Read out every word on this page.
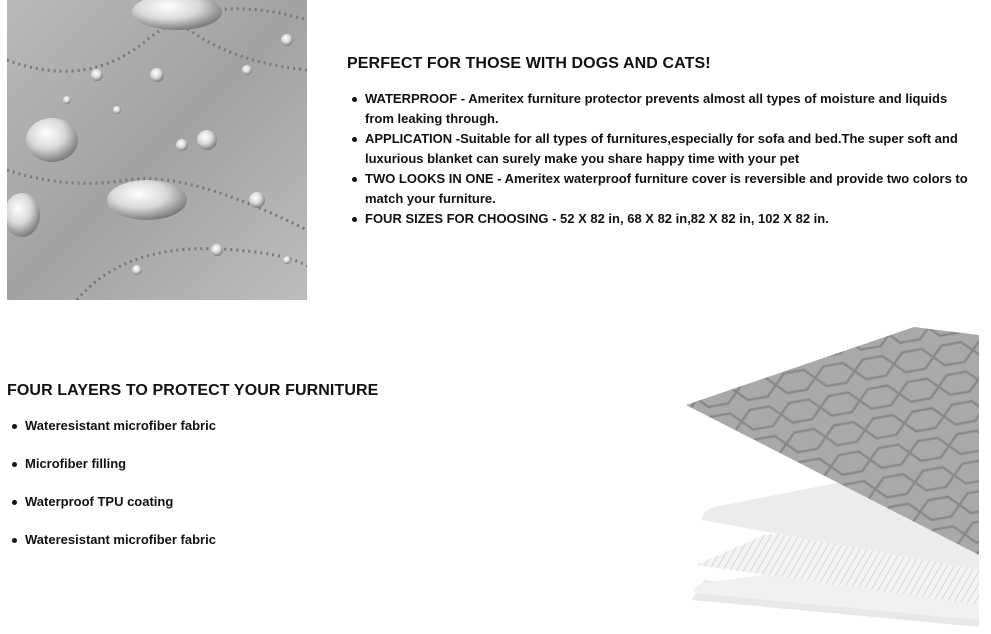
PERFECT FOR THOSE WITH DOGS AND CATS!
WATERPROOF - Ameritex furniture protector prevents almost all types of moisture and liquids from leaking through.
APPLICATION -Suitable for all types of furnitures,especially for sofa and bed.The super soft and luxurious blanket can surely make you share happy time with your pet
TWO LOOKS IN ONE - Ameritex waterproof furniture cover is reversible and provide two colors to match your furniture.
FOUR SIZES FOR CHOOSING - 52 X 82 in, 68 X 82 in,82 X 82 in, 102 X 82 in.
FOUR LAYERS TO PROTECT YOUR FURNITURE
Wateresistant microfiber fabric
Microfiber filling
Waterproof TPU coating
Wateresistant microfiber fabric
